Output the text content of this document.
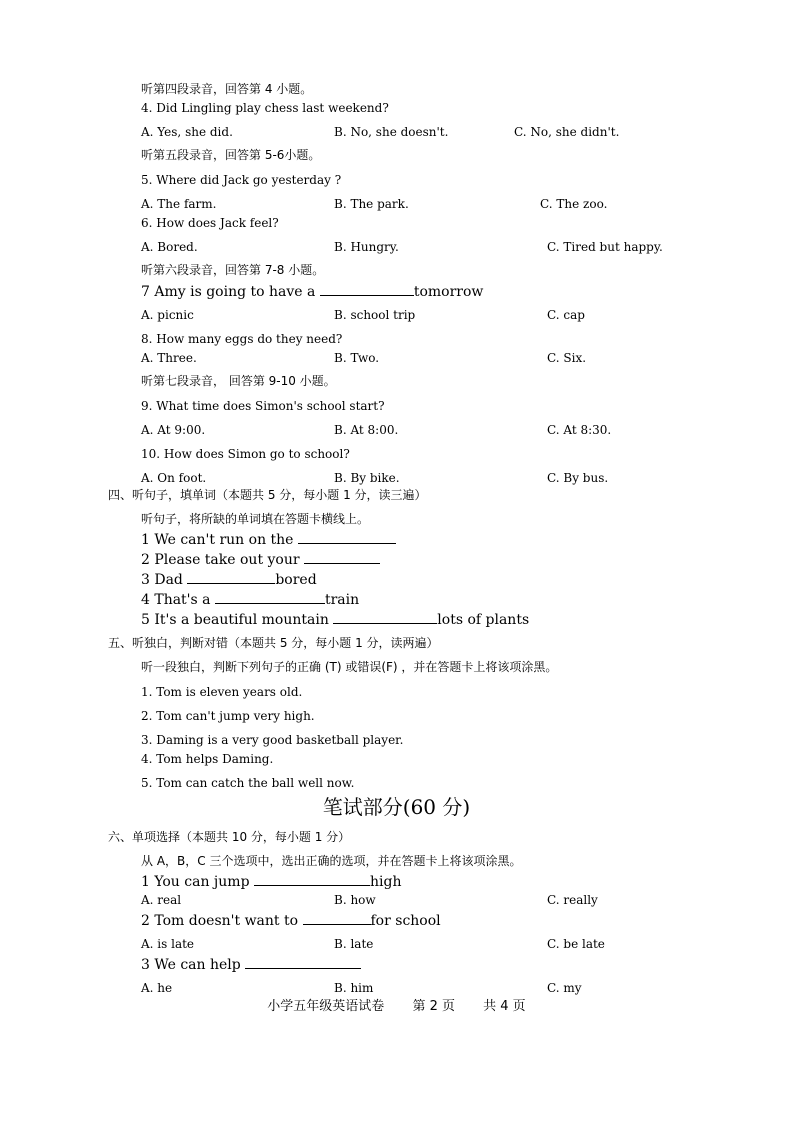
听第四段录音，回答第 4 小题。
4. Did Lingling play chess last weekend?
A. Yes, she did.	B. No, she doesn't.	C. No, she didn't.
听第五段录音，回答第 5-6小题。
5. Where did Jack go yesterday ?
A. The farm.	B. The park.	C. The zoo.
6. How does Jack feel?
A. Bored.	B. Hungry.	C. Tired but happy.
听第六段录音，回答第 7-8 小题。
7 Amy is going to have a	tomorrow
A. picnic	B. school trip	C. cap
8. How many eggs do they need?
A. Three.	B. Two.	C. Six.
听第七段录音， 回答第 9-10 小题。
9. What time does Simon's school start?
A. At 9:00.	B. At 8:00.	C. At 8:30.
10. How does Simon go to school?
A. On foot.	B. By bike.	C. By bus.
四、听句子，填单词（本题共 5 分，每小题 1 分，读三遍）
听句子，将所缺的单词填在答题卡横线上。
1 We can't run on the
2 Please take out your
3 Dad	bored
4 That's a	train
5 It's a beautiful mountain	lots of plants
五、听独白，判断对错（本题共 5 分，每小题 1 分，读两遍）
听一段独白，判断下列句子的正确 (T) 或错误(F) ，并在答题卡上将该项涂黑。
1. Tom is eleven years old.
2. Tom can't jump very high.
3. Daming is a very good basketball player.
4. Tom helps Daming.
5. Tom can catch the ball well now.
笔试部分(60 分)
六、单项选择（本题共 10 分，每小题 1 分）
从 A，B，C 三个选项中，选出正确的选项，并在答题卡上将该项涂黑。
1 You can jump	high
A. real	B. how	C. really
2 Tom doesn't want to	for school
A. is late	B. late	C. be late
3 We can help
A. he	B. him	C. my
小学五年级英语试卷 第 2 页 共 4 页
